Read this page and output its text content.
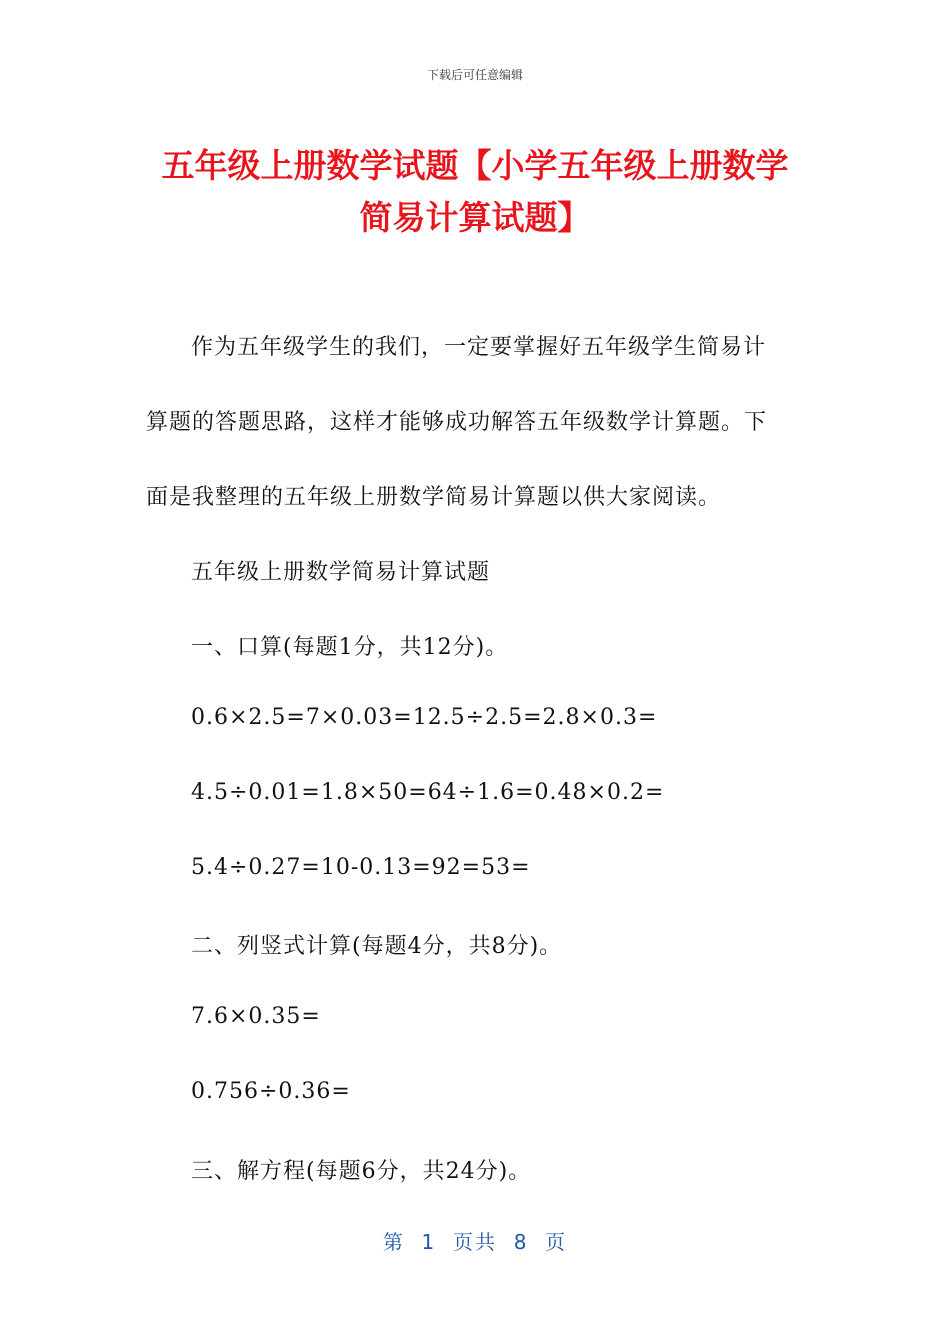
下载后可任意编辑
五年级上册数学试题【小学五年级上册数学
简易计算试题】
作为五年级学生的我们，一定要掌握好五年级学生简易计
算题的答题思路，这样才能够成功解答五年级数学计算题。下
面是我整理的五年级上册数学简易计算题以供大家阅读。
五年级上册数学简易计算试题
一、口算(每题1分，共12分)。
0.6×2.5=7×0.03=12.5÷2.5=2.8×0.3=
4.5÷0.01=1.8×50=64÷1.6=0.48×0.2=
5.4÷0.27=10-0.13=92=53=
二、列竖式计算(每题4分，共8分)。
7.6×0.35=
0.756÷0.36=
三、解方程(每题6分，共24分)。
第  1  页共  8  页
